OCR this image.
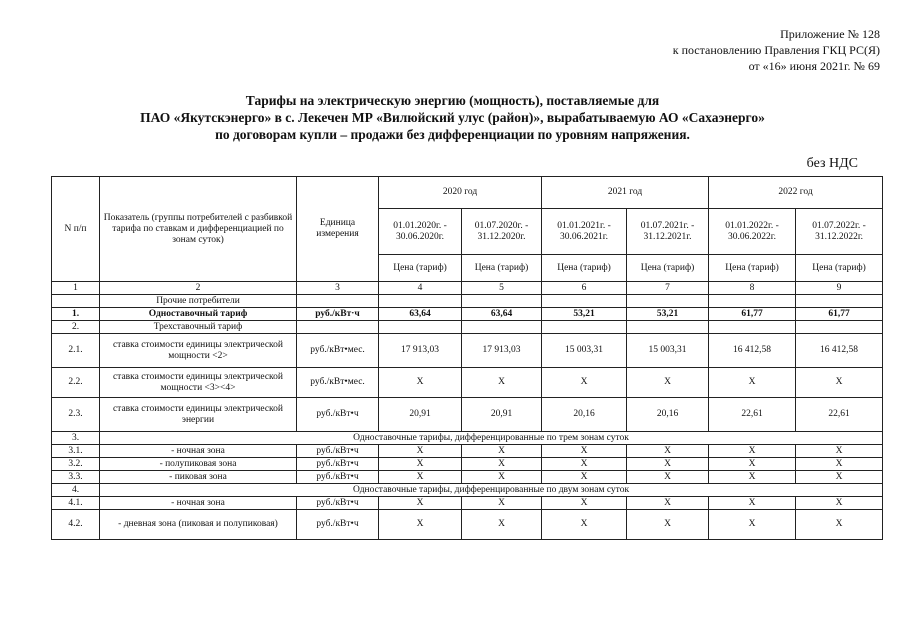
Приложение № 128
к постановлению Правления ГКЦ РС(Я)
от «16» июня 2021г. № 69
Тарифы на электрическую энергию (мощность), поставляемые для
ПАО «Якутскэнерго» в с. Лекечен МР «Вилюйский улус (район)», вырабатываемую АО «Сахаэнерго»
по договорам купли – продажи без дифференциации по уровням напряжения.
без НДС
N п/п	Показатель (группы потребителей с разбивкой тарифа по ставкам и дифференциацией по зонам суток)	Единица измерения	2020 год		2021 год		2022 год	
			01.01.2020г. - 30.06.2020г.	01.07.2020г. - 31.12.2020г.	01.01.2021г. - 30.06.2021г.	01.07.2021г. - 31.12.2021г.	01.01.2022г. - 30.06.2022г.	01.07.2022г. - 31.12.2022г.
			Цена (тариф)	Цена (тариф)	Цена (тариф)	Цена (тариф)	Цена (тариф)	Цена (тариф)
1	2	3	4	5	6	7	8	9
	Прочие потребители							
1.	Одноставочный тариф	руб./кВт·ч	63,64	63,64	53,21	53,21	61,77	61,77
2.	Трехставочный тариф							
2.1.	ставка стоимости единицы электрической мощности <2>	руб./кВт•мес.	17 913,03	17 913,03	15 003,31	15 003,31	16 412,58	16 412,58
2.2.	ставка стоимости единицы электрической мощности <3><4>	руб./кВт•мес.	X	X	X	X	X	X
2.3.	ставка стоимости единицы электрической энергии	руб./кВт•ч	20,91	20,91	20,16	20,16	22,61	22,61
3.	Одноставочные тарифы, дифференцированные по трем зонам суток							
3.1.	- ночная зона	руб./кВт•ч	X	X	X	X	X	X
3.2.	- полупиковая зона	руб./кВт•ч	X	X	X	X	X	X
3.3.	- пиковая зона	руб./кВт•ч	X	X	X	X	X	X
4.	Одноставочные тарифы, дифференцированные по двум зонам суток							
4.1.	- ночная зона	руб./кВт•ч	X	X	X	X	X	X
4.2.	- дневная зона (пиковая и полупиковая)	руб./кВт•ч	X	X	X	X	X	X
